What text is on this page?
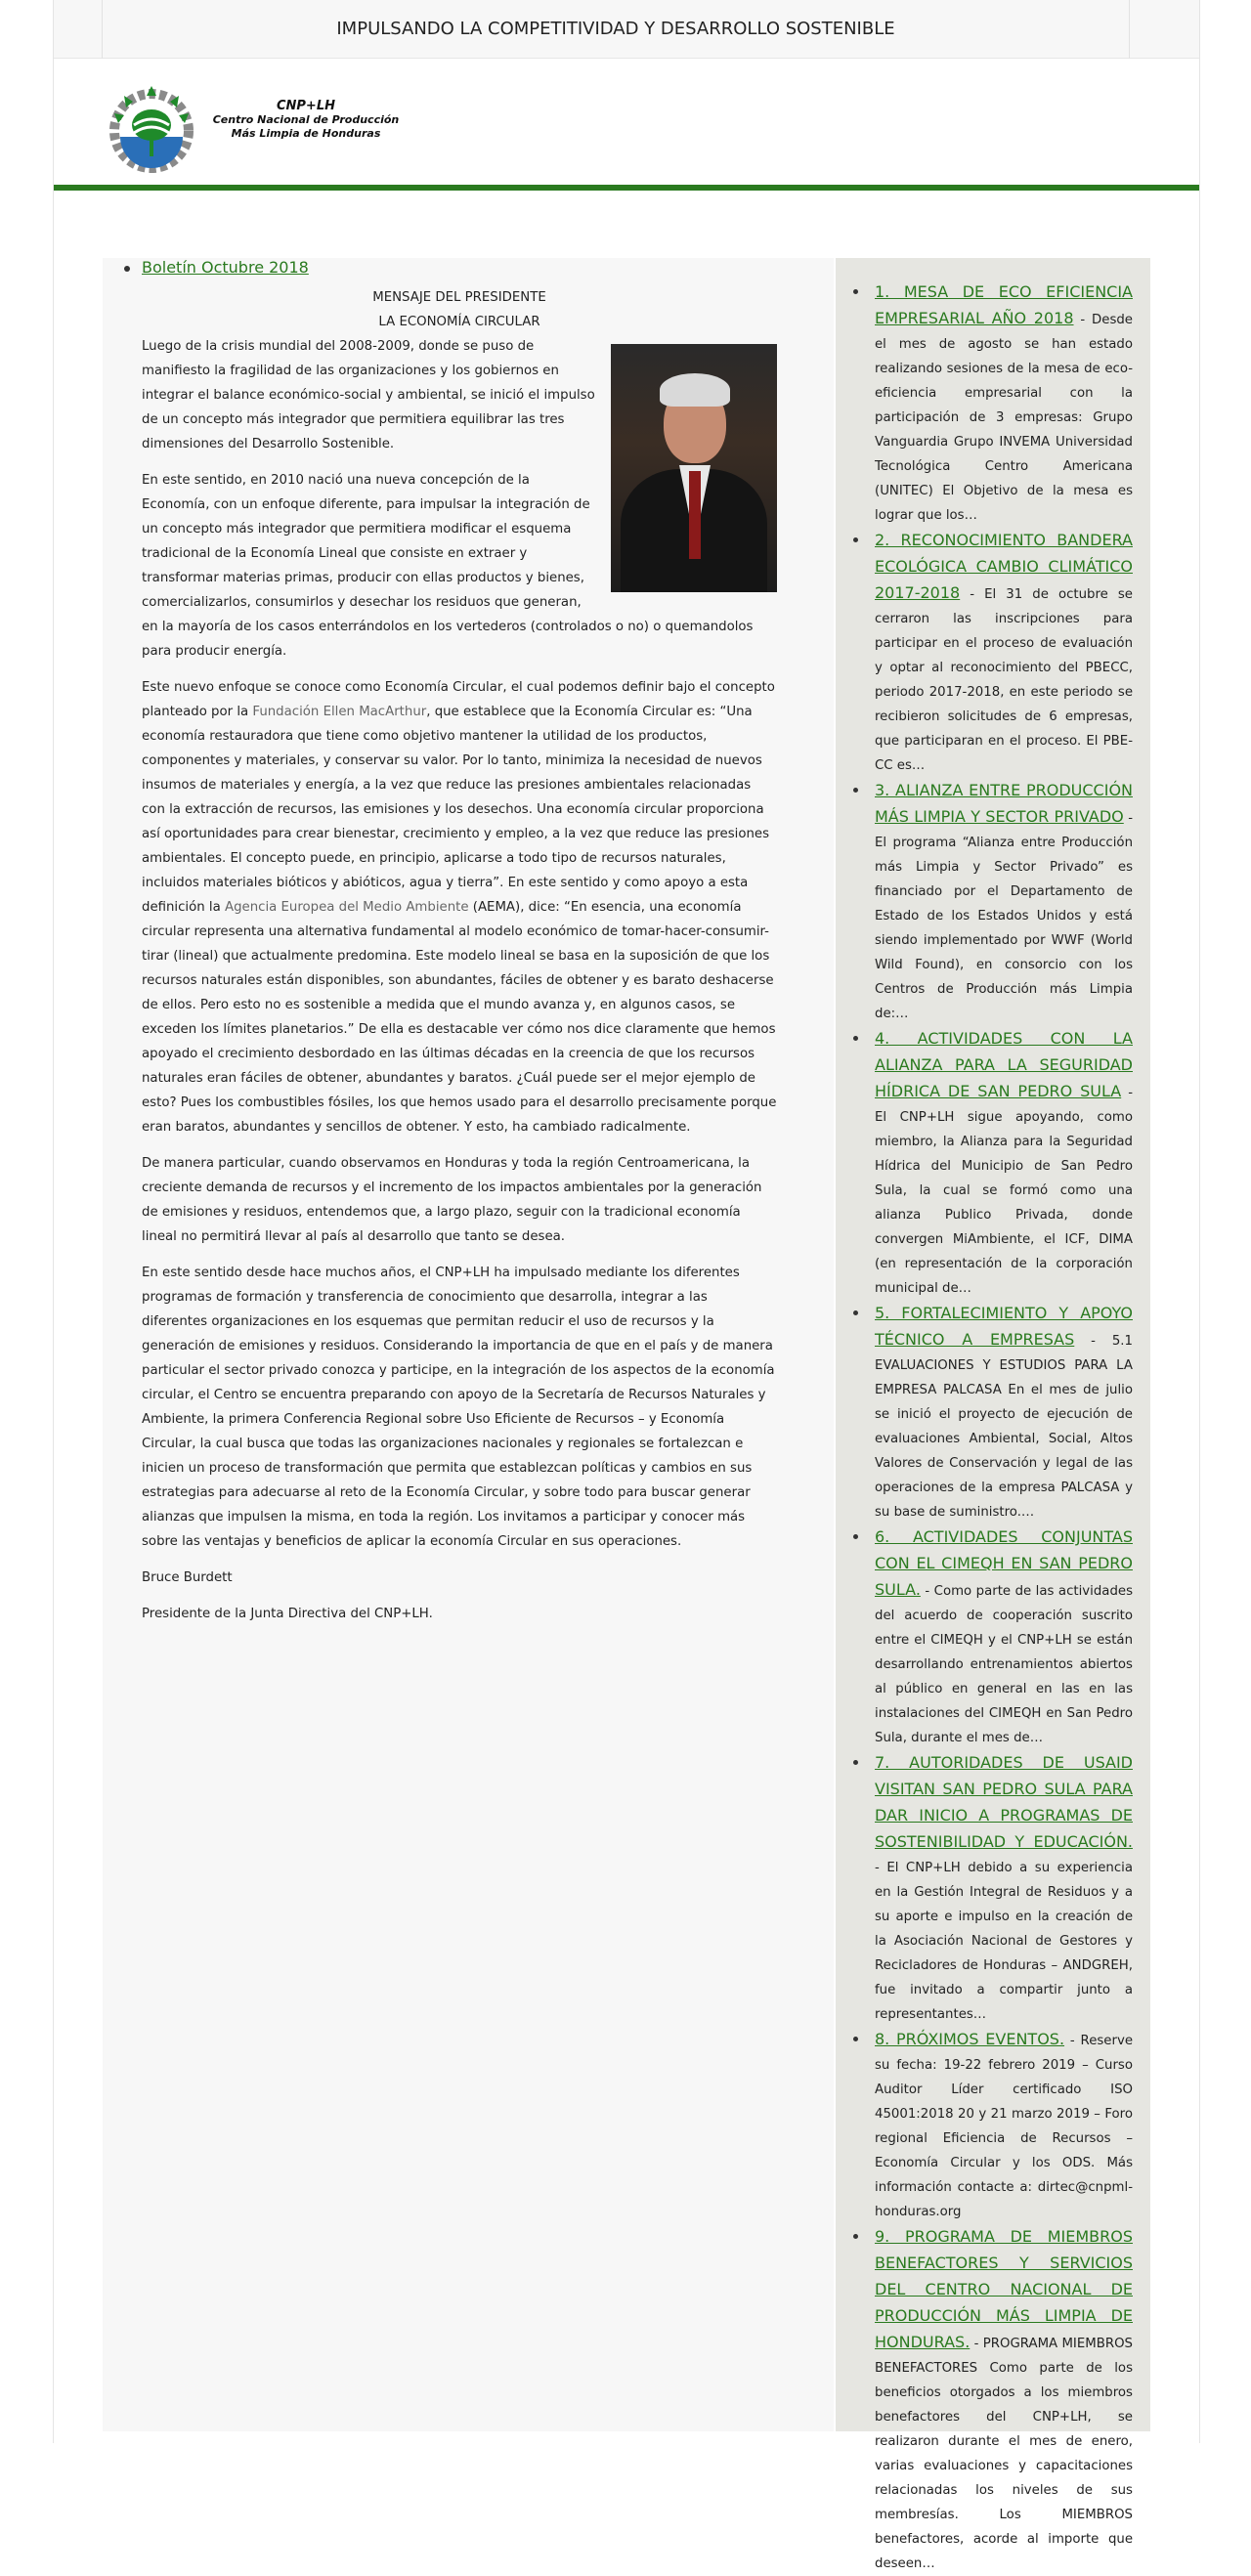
IMPULSANDO LA COMPETITIVIDAD Y DESARROLLO SOSTENIBLE
CNP+LH
Centro Nacional de Producción
Más Limpia de Honduras
Boletín Octubre 2018
MENSAJE DEL PRESIDENTE
LA ECONOMÍA CIRCULAR

Luego de la crisis mundial del 2008-2009, donde se puso de manifiesto la fragilidad de las organizaciones y los gobiernos en integrar el balance económico-social y ambiental, se inició el impulso de un concepto más integrador que permitiera equilibrar las tres dimensiones del Desarrollo Sostenible.

En este sentido, en 2010 nació una nueva concepción de la Economía, con un enfoque diferente, para impulsar la integración de un concepto más integrador que permitiera modificar el esquema tradicional de la Economía Lineal que consiste en extraer y transformar materias primas, producir con ellas productos y bienes, comercializarlos, consumirlos y desechar los residuos que generan, en la mayoría de los casos enterrándolos en los vertederos (controlados o no) o quemandolos para producir energía.

Este nuevo enfoque se conoce como Economía Circular, el cual podemos definir bajo el concepto planteado por la Fundación Ellen MacArthur, que establece que la Economía Circular es: “Una economía restauradora que tiene como objetivo mantener la utilidad de los productos, componentes y materiales, y conservar su valor. Por lo tanto, minimiza la necesidad de nuevos insumos de materiales y energía, a la vez que reduce las presiones ambientales relacionadas con la extracción de recursos, las emisiones y los desechos. Una economía circular proporciona así oportunidades para crear bienestar, crecimiento y empleo, a la vez que reduce las presiones ambientales. El concepto puede, en principio, aplicarse a todo tipo de recursos naturales, incluidos materiales bióticos y abióticos, agua y tierra”. En este sentido y como apoyo a esta definición la Agencia Europea del Medio Ambiente (AEMA), dice: “En esencia, una economía circular representa una alternativa fundamental al modelo económico de tomar-hacer-consumir-tirar (lineal) que actualmente predomina. Este modelo lineal se basa en la suposición de que los recursos naturales están disponibles, son abundantes, fáciles de obtener y es barato deshacerse de ellos. Pero esto no es sostenible a medida que el mundo avanza y, en algunos casos, se exceden los límites planetarios.” De ella es destacable ver cómo nos dice claramente que hemos apoyado el crecimiento desbordado en las últimas décadas en la creencia de que los recursos naturales eran fáciles de obtener, abundantes y baratos. ¿Cuál puede ser el mejor ejemplo de esto? Pues los combustibles fósiles, los que hemos usado para el desarrollo precisamente porque eran baratos, abundantes y sencillos de obtener. Y esto, ha cambiado radicalmente.

De manera particular, cuando observamos en Honduras y toda la región Centroamericana, la creciente demanda de recursos y el incremento de los impactos ambientales por la generación de emisiones y residuos, entendemos que, a largo plazo, seguir con la tradicional economía lineal no permitirá llevar al país al desarrollo que tanto se desea.

En este sentido desde hace muchos años, el CNP+LH ha impulsado mediante los diferentes programas de formación y transferencia de conocimiento que desarrolla, integrar a las diferentes organizaciones en los esquemas que permitan reducir el uso de recursos y la generación de emisiones y residuos. Considerando la importancia de que en el país y de manera particular el sector privado conozca y participe, en la integración de los aspectos de la economía circular, el Centro se encuentra preparando con apoyo de la Secretaría de Recursos Naturales y Ambiente, la primera Conferencia Regional sobre Uso Eficiente de Recursos – y Economía Circular, la cual busca que todas las organizaciones nacionales y regionales se fortalezcan e inicien un proceso de transformación que permita que establezcan políticas y cambios en sus estrategias para adecuarse al reto de la Economía Circular, y sobre todo para buscar generar alianzas que impulsen la misma, en toda la región. Los invitamos a participar y conocer más sobre las ventajas y beneficios de aplicar la economía Circular en sus operaciones.

Bruce Burdett

Presidente de la Junta Directiva del CNP+LH.

1. MESA DE ECO EFICIENCIA EMPRESARIAL AÑO 2018 - Desde el mes de agosto se han estado realizando sesiones de la mesa de eco-eficiencia empresarial con la participación de 3 empresas: Grupo Vanguardia Grupo INVEMA Universidad Tecnológica Centro Americana (UNITEC) El Objetivo de la mesa es lograr que los…
2. RECONOCIMIENTO BANDERA ECOLÓGICA CAMBIO CLIMÁTICO 2017-2018 - El 31 de octubre se cerraron las inscripciones para participar en el proceso de evaluación y optar al reconocimiento del PBECC, periodo 2017-2018, en este periodo se recibieron solicitudes de 6 empresas, que participaran en el proceso. El PBE-CC es…
3. ALIANZA ENTRE PRODUCCIÓN MÁS LIMPIA Y SECTOR PRIVADO - El programa “Alianza entre Producción más Limpia y Sector Privado” es financiado por el Departamento de Estado de los Estados Unidos y está siendo implementado por WWF (World Wild Found), en consorcio con los Centros de Producción más Limpia de:…
4. ACTIVIDADES CON LA ALIANZA PARA LA SEGURIDAD HÍDRICA DE SAN PEDRO SULA - El CNP+LH sigue apoyando, como miembro, la Alianza para la Seguridad Hídrica del Municipio de San Pedro Sula, la cual se formó como una alianza Publico Privada, donde convergen MiAmbiente, el ICF, DIMA (en representación de la corporación municipal de…
5. FORTALECIMIENTO Y APOYO TÉCNICO A EMPRESAS - 5.1 EVALUACIONES Y ESTUDIOS PARA LA EMPRESA PALCASA En el mes de julio se inició el proyecto de ejecución de evaluaciones Ambiental, Social, Altos Valores de Conservación y legal de las operaciones de la empresa PALCASA y su base de suministro.…
6. ACTIVIDADES CONJUNTAS CON EL CIMEQH EN SAN PEDRO SULA. - Como parte de las actividades del acuerdo de cooperación suscrito entre el CIMEQH y el CNP+LH se están desarrollando entrenamientos abiertos al público en general en las en las instalaciones del CIMEQH en San Pedro Sula, durante el mes de…
7. AUTORIDADES DE USAID VISITAN SAN PEDRO SULA PARA DAR INICIO A PROGRAMAS DE SOSTENIBILIDAD Y EDUCACIÓN. - El CNP+LH debido a su experiencia en la Gestión Integral de Residuos y a su aporte e impulso en la creación de la Asociación Nacional de Gestores y Recicladores de Honduras – ANDGREH, fue invitado a compartir junto a representantes…
8. PRÓXIMOS EVENTOS. - Reserve su fecha: 19-22 febrero 2019 – Curso Auditor Líder certificado ISO 45001:2018 20 y 21 marzo 2019 – Foro regional Eficiencia de Recursos – Economía Circular y los ODS. Más información contacte a: dirtec@cnpml-honduras.org
9. PROGRAMA DE MIEMBROS BENEFACTORES Y SERVICIOS DEL CENTRO NACIONAL DE PRODUCCIÓN MÁS LIMPIA DE HONDURAS. - PROGRAMA MIEMBROS BENEFACTORES Como parte de los beneficios otorgados a los miembros benefactores del CNP+LH, se realizaron durante el mes de enero, varias evaluaciones y capacitaciones relacionadas los niveles de sus membresías. Los MIEMBROS benefactores, acorde al importe que deseen…
